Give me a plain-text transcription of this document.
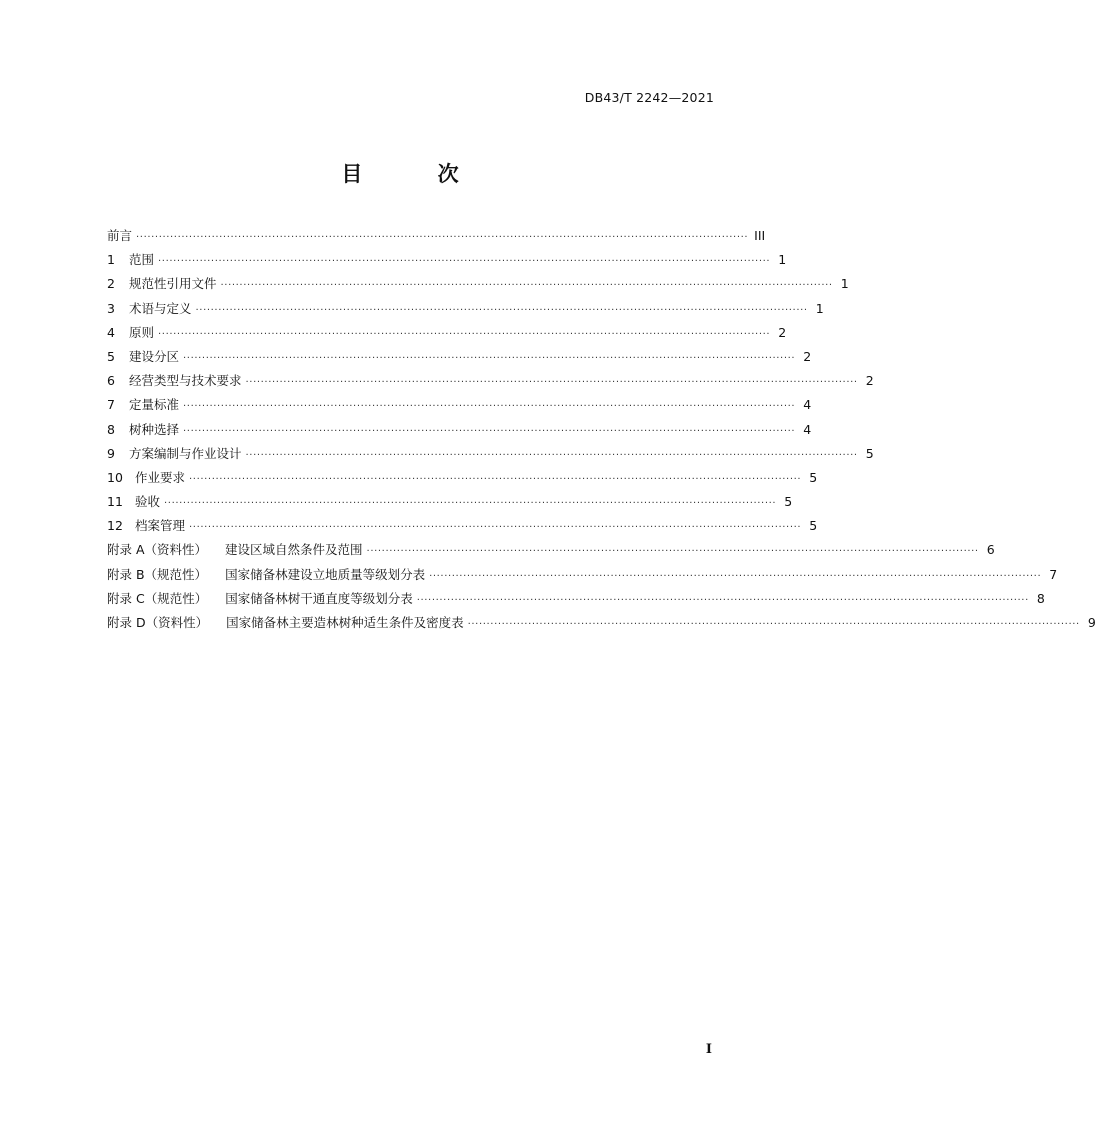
DB43/T 2242—2021
目 次
前言 ·································································································································································· III
1	范围 ·································································································································································· 1
2	规范性引用文件 ·································································································································································· 1
3	术语与定义 ·································································································································································· 1
4	原则 ·································································································································································· 2
5	建设分区 ·································································································································································· 2
6	经营类型与技术要求 ·································································································································································· 2
7	定量标准 ·································································································································································· 4
8	树种选择 ·································································································································································· 4
9	方案编制与作业设计 ·································································································································································· 5
10 作业要求 ·································································································································································· 5
11 验收 ·································································································································································· 5
12 档案管理 ·································································································································································· 5
附录 A（资料性） 建设区域自然条件及范围 ·································································································································································· 6
附录 B（规范性） 国家储备林建设立地质量等级划分表 ·································································································································································· 7
附录 C（规范性） 国家储备林树干通直度等级划分表 ·································································································································································· 8
附录 D（资料性） 国家储备林主要造林树种适生条件及密度表 ·································································································································································· 9
I
